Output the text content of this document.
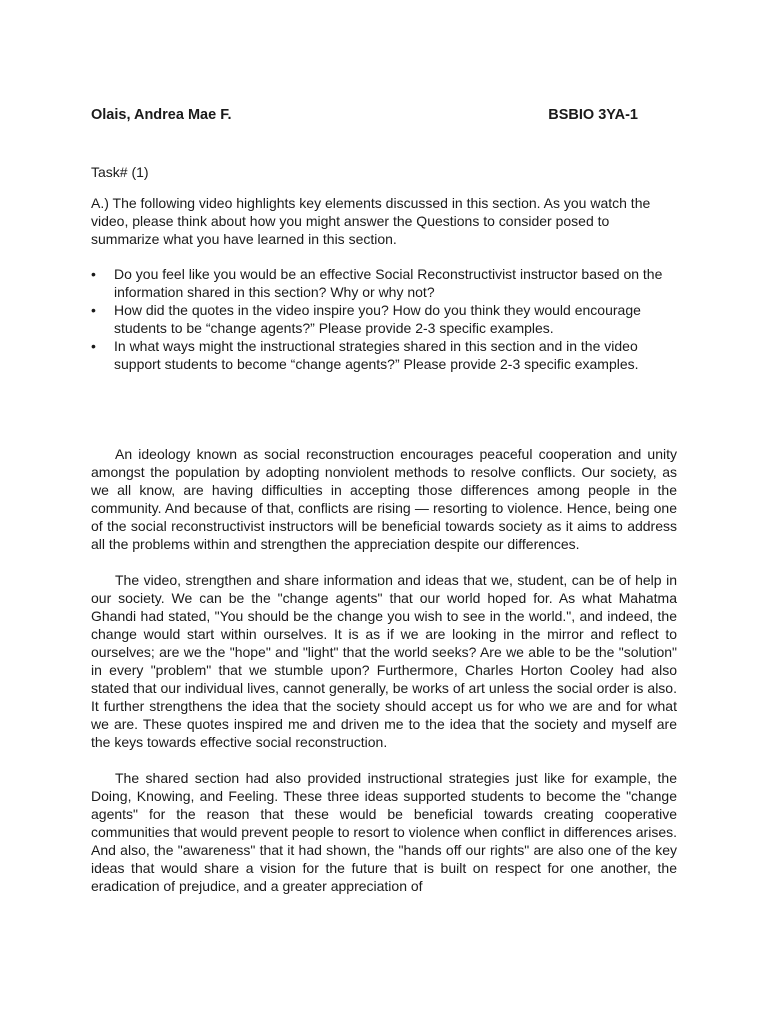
Olais, Andrea Mae F.	BSBIO 3YA-1
Task# (1)
A.) The following video highlights key elements discussed in this section. As you watch the video, please think about how you might answer the Questions to consider posed to summarize what you have learned in this section.
• Do you feel like you would be an effective Social Reconstructivist instructor based on the information shared in this section? Why or why not?
• How did the quotes in the video inspire you? How do you think they would encourage students to be “change agents?” Please provide 2-3 specific examples.
• In what ways might the instructional strategies shared in this section and in the video support students to become “change agents?” Please provide 2-3 specific examples.

An ideology known as social reconstruction encourages peaceful cooperation and unity amongst the population by adopting nonviolent methods to resolve conflicts. Our society, as we all know, are having difficulties in accepting those differences among people in the community. And because of that, conflicts are rising — resorting to violence. Hence, being one of the social reconstructivist instructors will be beneficial towards society as it aims to address all the problems within and strengthen the appreciation despite our differences.

The video, strengthen and share information and ideas that we, student, can be of help in our society. We can be the "change agents" that our world hoped for. As what Mahatma Ghandi had stated, "You should be the change you wish to see in the world.", and indeed, the change would start within ourselves. It is as if we are looking in the mirror and reflect to ourselves; are we the "hope" and "light" that the world seeks? Are we able to be the "solution" in every "problem" that we stumble upon? Furthermore, Charles Horton Cooley had also stated that our individual lives, cannot generally, be works of art unless the social order is also. It further strengthens the idea that the society should accept us for who we are and for what we are. These quotes inspired me and driven me to the idea that the society and myself are the keys towards effective social reconstruction.

The shared section had also provided instructional strategies just like for example, the Doing, Knowing, and Feeling. These three ideas supported students to become the "change agents" for the reason that these would be beneficial towards creating cooperative communities that would prevent people to resort to violence when conflict in differences arises. And also, the "awareness" that it had shown, the "hands off our rights" are also one of the key ideas that would share a vision for the future that is built on respect for one another, the eradication of prejudice, and a greater appreciation of
